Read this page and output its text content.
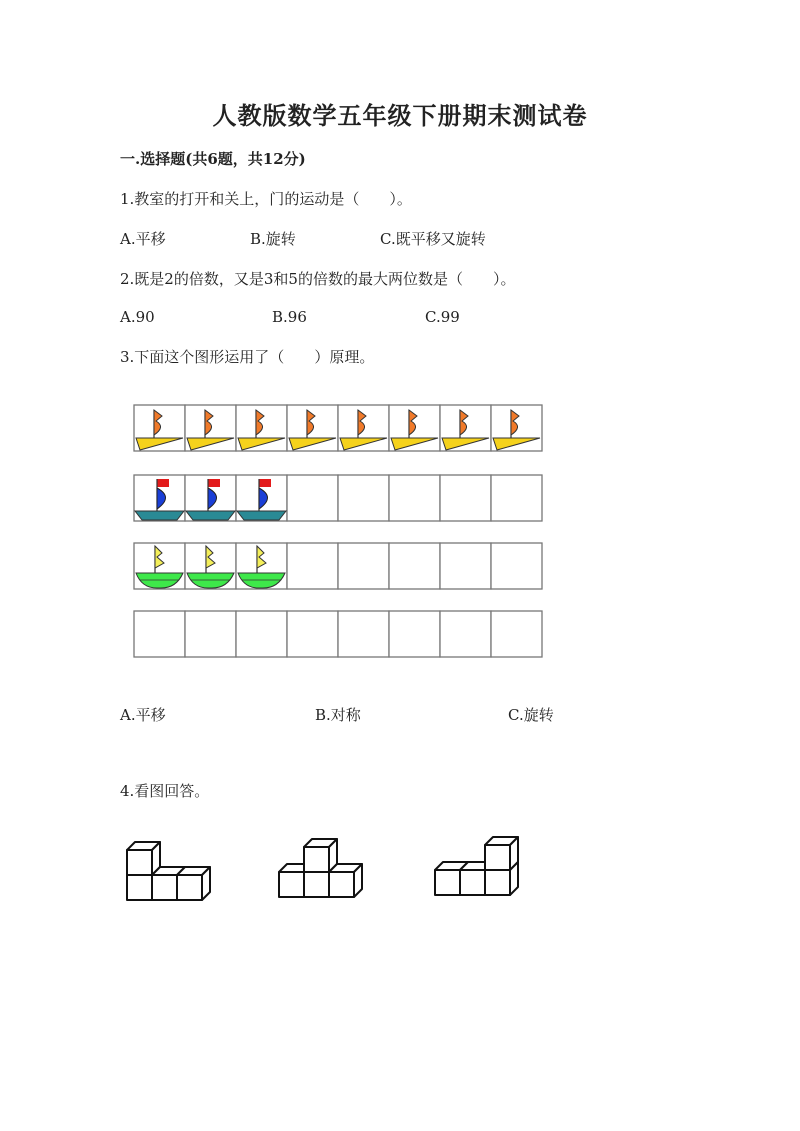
人教版数学五年级下册期末测试卷
一.选择题(共6题，共12分)
1.教室的打开和关上，门的运动是（　　）。
A.平移	B.旋转	C.既平移又旋转
2.既是2的倍数，又是3和5的倍数的最大两位数是（　　）。
A.90	B.96	C.99
3.下面这个图形运用了（　　）原理。
A.平移	B.对称	C.旋转
4.看图回答。
